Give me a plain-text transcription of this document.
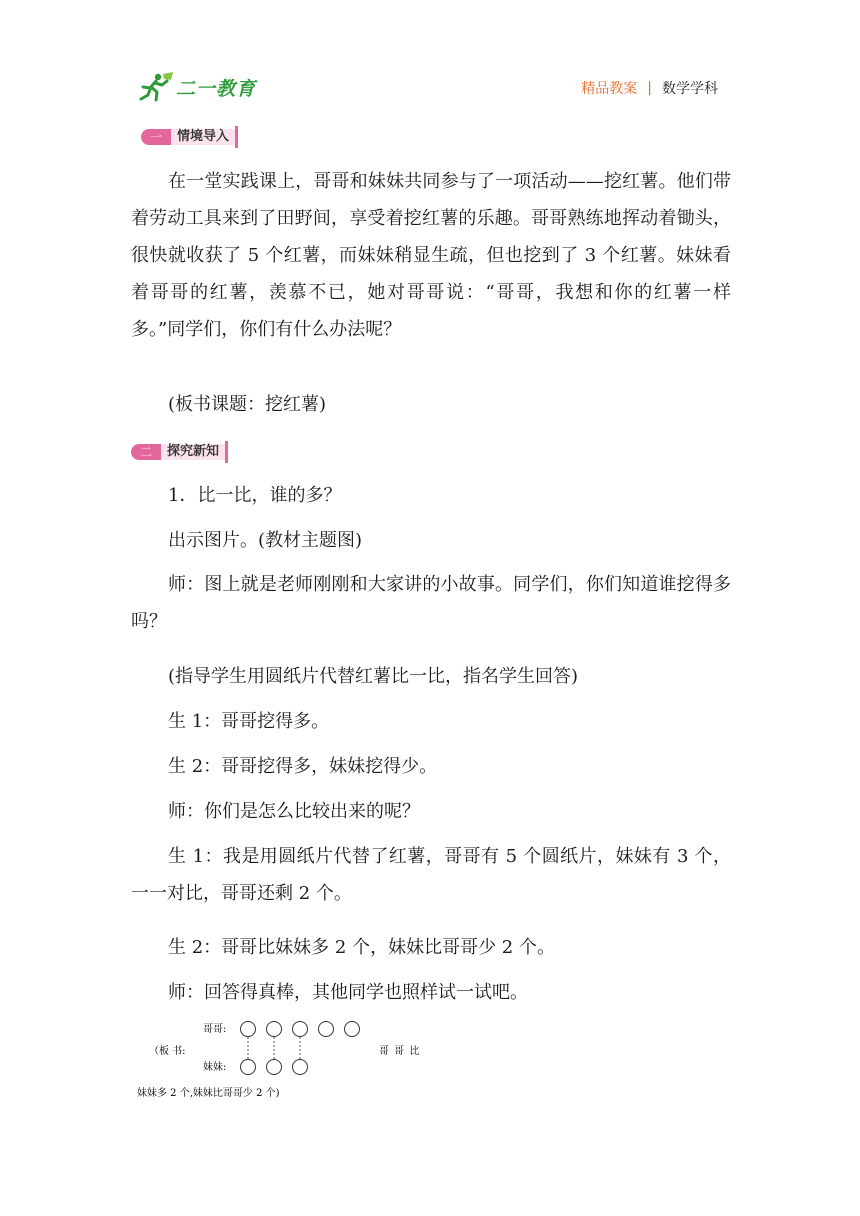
二一教育	精品教案 | 数学学科
一	情境导入
在一堂实践课上，哥哥和妹妹共同参与了一项活动——挖红薯。他们带着劳动工具来到了田野间，享受着挖红薯的乐趣。哥哥熟练地挥动着锄头，很快就收获了 5 个红薯，而妹妹稍显生疏，但也挖到了 3 个红薯。妹妹看着哥哥的红薯，羡慕不已，她对哥哥说：“哥哥，我想和你的红薯一样多。”同学们，你们有什么办法呢？
(板书课题：挖红薯)
二	探究新知
1．比一比，谁的多？
出示图片。(教材主题图)
师：图上就是老师刚刚和大家讲的小故事。同学们，你们知道谁挖得多吗？
(指导学生用圆纸片代替红薯比一比，指名学生回答)
生 1：哥哥挖得多。
生 2：哥哥挖得多，妹妹挖得少。
师：你们是怎么比较出来的呢？
生 1：我是用圆纸片代替了红薯，哥哥有 5 个圆纸片，妹妹有 3 个，一一对比，哥哥还剩 2 个。
生 2：哥哥比妹妹多 2 个，妹妹比哥哥少 2 个。
师：回答得真棒，其他同学也照样试一试吧。
哥哥:
（板 书:
妹妹:
哥 哥 比
妹妹多 2 个,妹妹比哥哥少 2 个)
